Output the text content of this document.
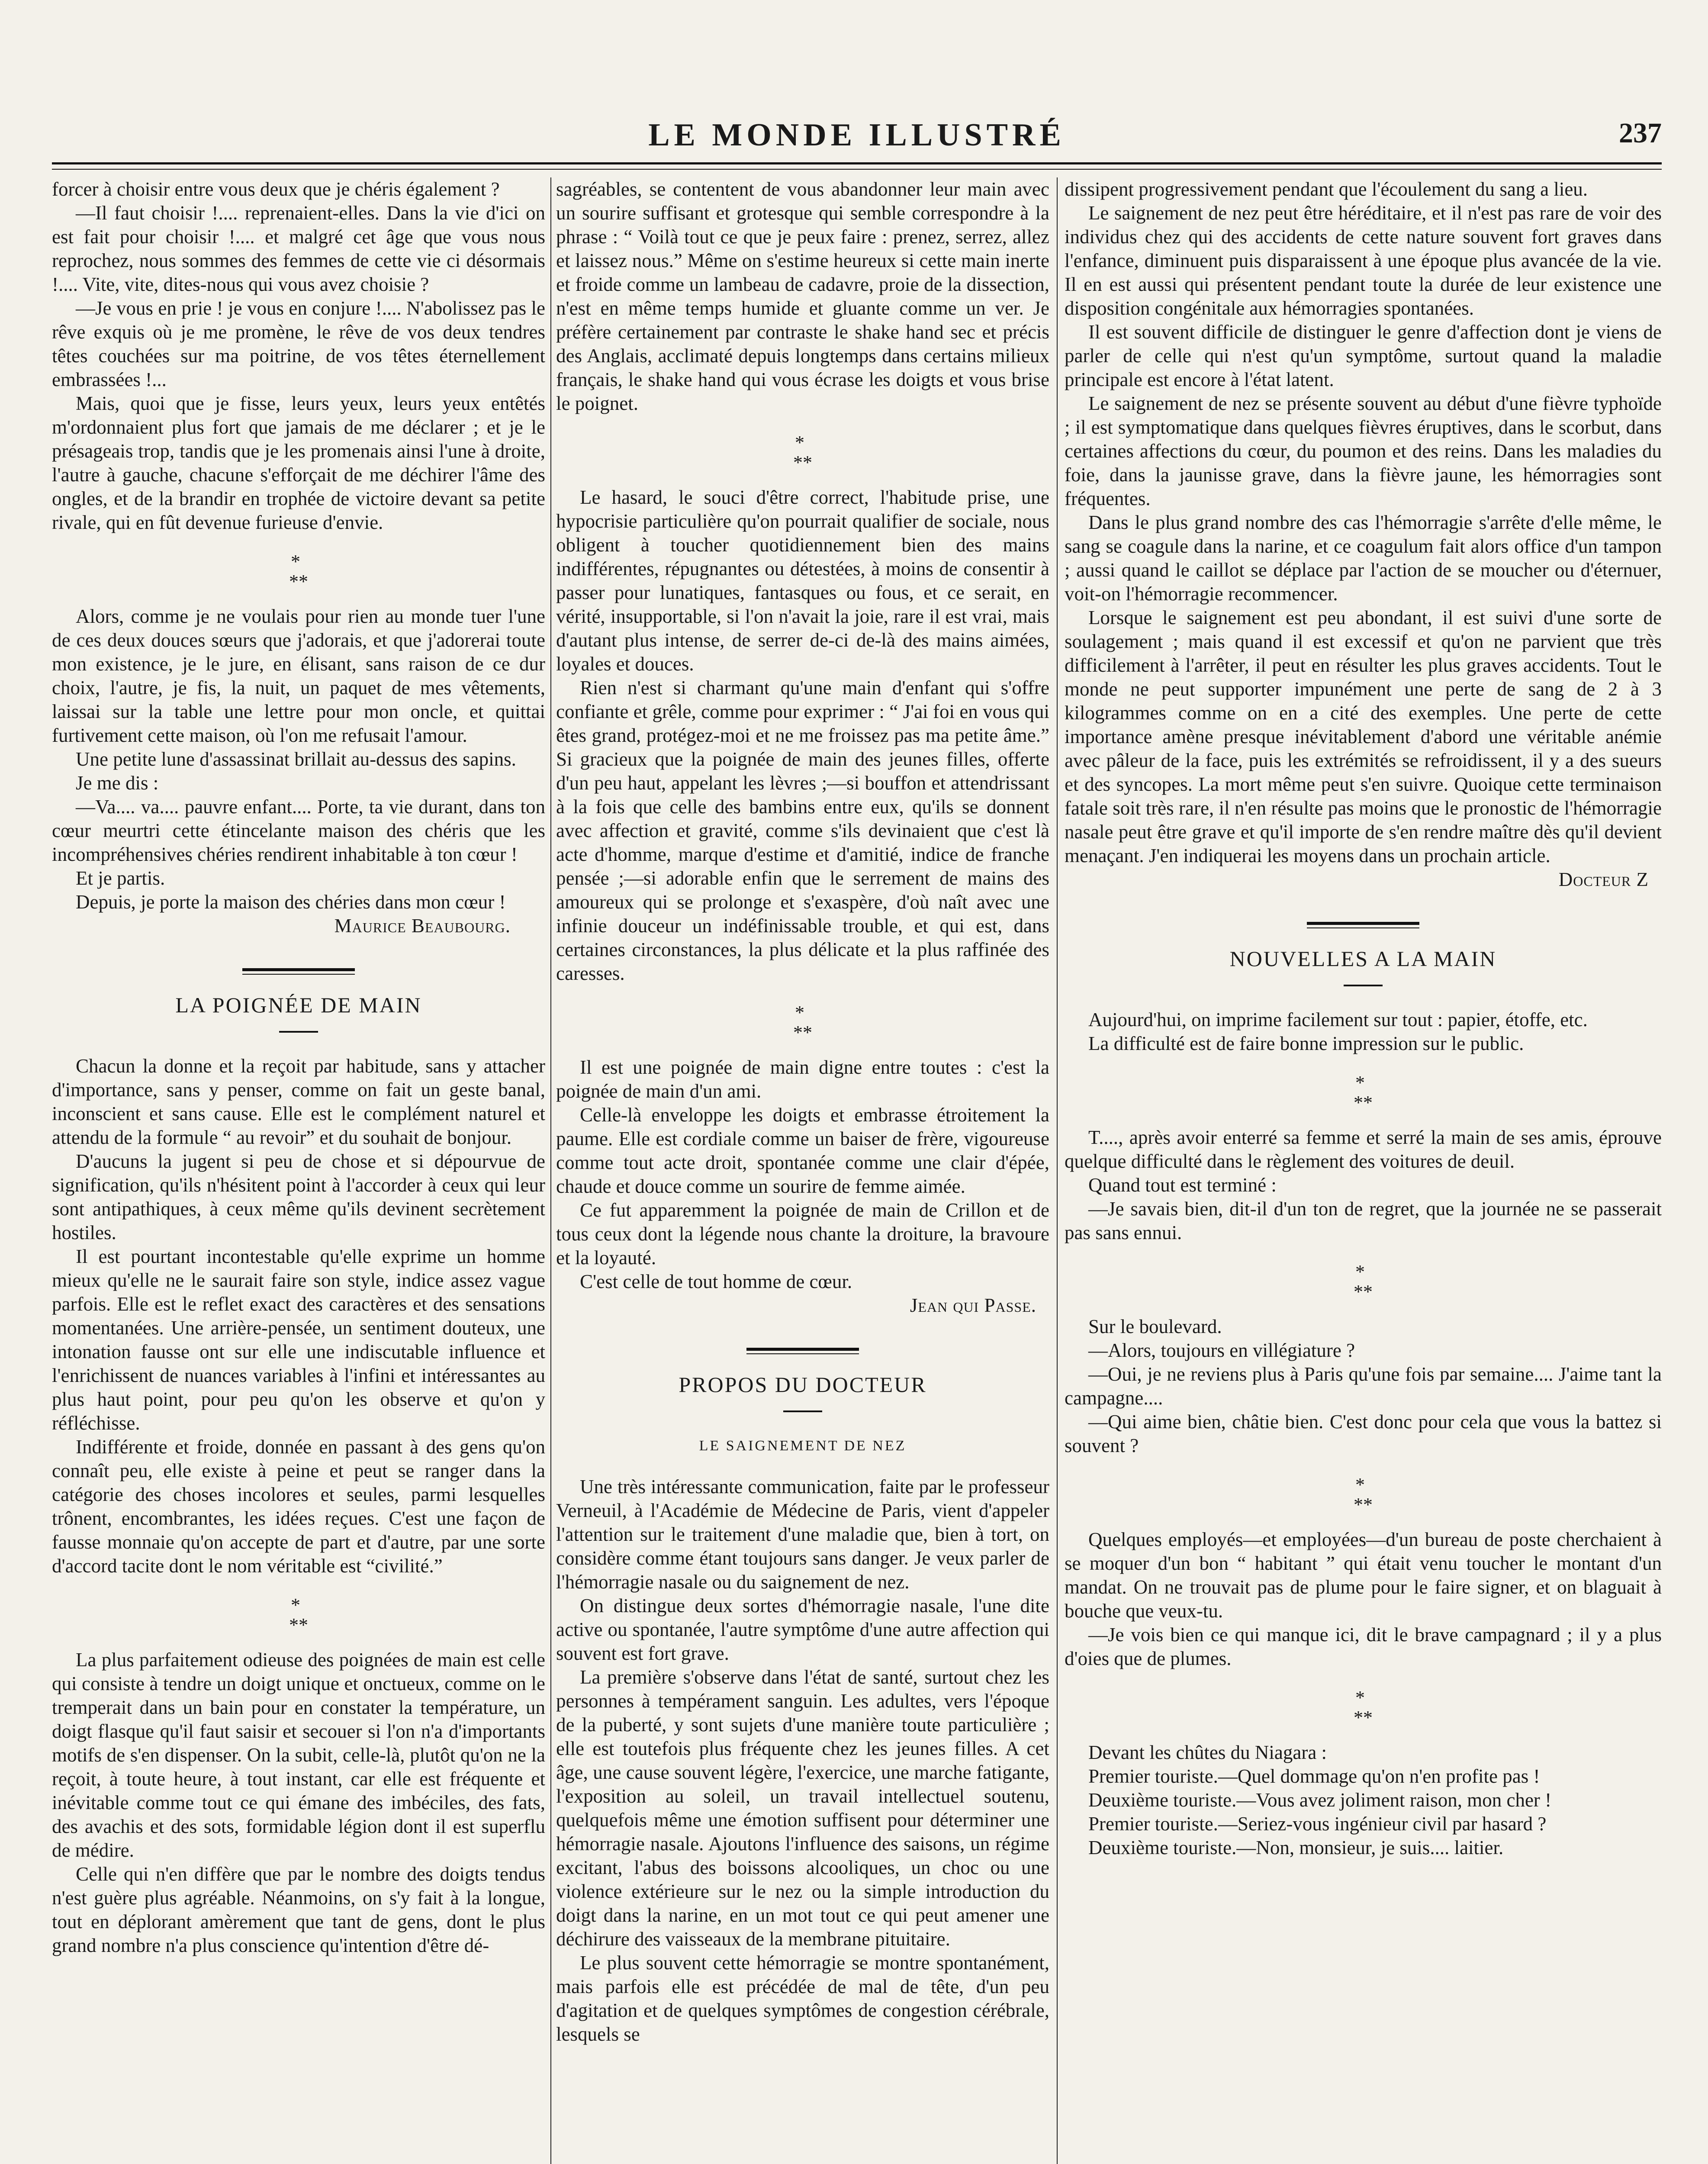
LE MONDE ILLUSTRÉ	237

forcer à choisir entre vous deux que je chéris également ?

—Il faut choisir !.... reprenaient-elles. Dans la vie d'ici on est fait pour choisir !.... et malgré cet âge que vous nous reprochez, nous sommes des femmes de cette vie ci désormais !.... Vite, vite, dites-nous qui vous avez choisie ?

—Je vous en prie ! je vous en conjure !.... N'abolissez pas le rêve exquis où je me promène, le rêve de vos deux tendres têtes couchées sur ma poitrine, de vos têtes éternellement embrassées !...

Mais, quoi que je fisse, leurs yeux, leurs yeux entêtés m'ordonnaient plus fort que jamais de me déclarer ; et je le présageais trop, tandis que je les promenais ainsi l'une à droite, l'autre à gauche, chacune s'efforçait de me déchirer l'âme des ongles, et de la brandir en trophée de victoire devant sa petite rivale, qui en fût devenue furieuse d'envie.

*
**

Alors, comme je ne voulais pour rien au monde tuer l'une de ces deux douces sœurs que j'adorais, et que j'adorerai toute mon existence, je le jure, en élisant, sans raison de ce dur choix, l'autre, je fis, la nuit, un paquet de mes vêtements, laissai sur la table une lettre pour mon oncle, et quittai furtivement cette maison, où l'on me refusait l'amour.

Une petite lune d'assassinat brillait au-dessus des sapins.

Je me dis :

—Va.... va.... pauvre enfant.... Porte, ta vie durant, dans ton cœur meurtri cette étincelante maison des chéris que les incompréhensives chéries rendirent inhabitable à ton cœur !

Et je partis.

Depuis, je porte la maison des chéries dans mon cœur !

Maurice Beaubourg.

LA POIGNÉE DE MAIN

Chacun la donne et la reçoit par habitude, sans y attacher d'importance, sans y penser, comme on fait un geste banal, inconscient et sans cause. Elle est le complément naturel et attendu de la formule “ au revoir” et du souhait de bonjour.

D'aucuns la jugent si peu de chose et si dépourvue de signification, qu'ils n'hésitent point à l'accorder à ceux qui leur sont antipathiques, à ceux même qu'ils devinent secrètement hostiles.

Il est pourtant incontestable qu'elle exprime un homme mieux qu'elle ne le saurait faire son style, indice assez vague parfois. Elle est le reflet exact des caractères et des sensations momentanées. Une arrière-pensée, un sentiment douteux, une intonation fausse ont sur elle une indiscutable influence et l'enrichissent de nuances variables à l'infini et intéressantes au plus haut point, pour peu qu'on les observe et qu'on y réfléchisse.

Indifférente et froide, donnée en passant à des gens qu'on connaît peu, elle existe à peine et peut se ranger dans la catégorie des choses incolores et seules, parmi lesquelles trônent, encombrantes, les idées reçues. C'est une façon de fausse monnaie qu'on accepte de part et d'autre, par une sorte d'accord tacite dont le nom véritable est “civilité.”

*
**

La plus parfaitement odieuse des poignées de main est celle qui consiste à tendre un doigt unique et onctueux, comme on le tremperait dans un bain pour en constater la température, un doigt flasque qu'il faut saisir et secouer si l'on n'a d'importants motifs de s'en dispenser. On la subit, celle-là, plutôt qu'on ne la reçoit, à toute heure, à tout instant, car elle est fréquente et inévitable comme tout ce qui émane des imbéciles, des fats, des avachis et des sots, formidable légion dont il est superflu de médire.

Celle qui n'en diffère que par le nombre des doigts tendus n'est guère plus agréable. Néanmoins, on s'y fait à la longue, tout en déplorant amèrement que tant de gens, dont le plus grand nombre n'a plus conscience qu'intention d'être dé-

sagréables, se contentent de vous abandonner leur main avec un sourire suffisant et grotesque qui semble correspondre à la phrase : “ Voilà tout ce que je peux faire : prenez, serrez, allez et laissez nous.” Même on s'estime heureux si cette main inerte et froide comme un lambeau de cadavre, proie de la dissection, n'est en même temps humide et gluante comme un ver. Je préfère certainement par contraste le shake hand sec et précis des Anglais, acclimaté depuis longtemps dans certains milieux français, le shake hand qui vous écrase les doigts et vous brise le poignet.

*
**

Le hasard, le souci d'être correct, l'habitude prise, une hypocrisie particulière qu'on pourrait qualifier de sociale, nous obligent à toucher quotidiennement bien des mains indifférentes, répugnantes ou détestées, à moins de consentir à passer pour lunatiques, fantasques ou fous, et ce serait, en vérité, insupportable, si l'on n'avait la joie, rare il est vrai, mais d'autant plus intense, de serrer de-ci de-là des mains aimées, loyales et douces.

Rien n'est si charmant qu'une main d'enfant qui s'offre confiante et grêle, comme pour exprimer : “ J'ai foi en vous qui êtes grand, protégez-moi et ne me froissez pas ma petite âme.” Si gracieux que la poignée de main des jeunes filles, offerte d'un peu haut, appelant les lèvres ;—si bouffon et attendrissant à la fois que celle des bambins entre eux, qu'ils se donnent avec affection et gravité, comme s'ils devinaient que c'est là acte d'homme, marque d'estime et d'amitié, indice de franche pensée ;—si adorable enfin que le serrement de mains des amoureux qui se prolonge et s'exaspère, d'où naît avec une infinie douceur un indéfinissable trouble, et qui est, dans certaines circonstances, la plus délicate et la plus raffinée des caresses.

*
**

Il est une poignée de main digne entre toutes : c'est la poignée de main d'un ami.

Celle-là enveloppe les doigts et embrasse étroitement la paume. Elle est cordiale comme un baiser de frère, vigoureuse comme tout acte droit, spontanée comme une clair d'épée, chaude et douce comme un sourire de femme aimée.

Ce fut apparemment la poignée de main de Crillon et de tous ceux dont la légende nous chante la droiture, la bravoure et la loyauté.

C'est celle de tout homme de cœur.

Jean qui Passe.

PROPOS DU DOCTEUR
LE SAIGNEMENT DE NEZ

Une très intéressante communication, faite par le professeur Verneuil, à l'Académie de Médecine de Paris, vient d'appeler l'attention sur le traitement d'une maladie que, bien à tort, on considère comme étant toujours sans danger. Je veux parler de l'hémorragie nasale ou du saignement de nez.

On distingue deux sortes d'hémorragie nasale, l'une dite active ou spontanée, l'autre symptôme d'une autre affection qui souvent est fort grave.

La première s'observe dans l'état de santé, surtout chez les personnes à tempérament sanguin. Les adultes, vers l'époque de la puberté, y sont sujets d'une manière toute particulière ; elle est toutefois plus fréquente chez les jeunes filles. A cet âge, une cause souvent légère, l'exercice, une marche fatigante, l'exposition au soleil, un travail intellectuel soutenu, quelquefois même une émotion suffisent pour déterminer une hémorragie nasale. Ajoutons l'influence des saisons, un régime excitant, l'abus des boissons alcooliques, un choc ou une violence extérieure sur le nez ou la simple introduction du doigt dans la narine, en un mot tout ce qui peut amener une déchirure des vaisseaux de la membrane pituitaire.

Le plus souvent cette hémorragie se montre spontanément, mais parfois elle est précédée de mal de tête, d'un peu d'agitation et de quelques symptômes de congestion cérébrale, lesquels se

dissipent progressivement pendant que l'écoulement du sang a lieu.

Le saignement de nez peut être héréditaire, et il n'est pas rare de voir des individus chez qui des accidents de cette nature souvent fort graves dans l'enfance, diminuent puis disparaissent à une époque plus avancée de la vie. Il en est aussi qui présentent pendant toute la durée de leur existence une disposition congénitale aux hémorragies spontanées.

Il est souvent difficile de distinguer le genre d'affection dont je viens de parler de celle qui n'est qu'un symptôme, surtout quand la maladie principale est encore à l'état latent.

Le saignement de nez se présente souvent au début d'une fièvre typhoïde ; il est symptomatique dans quelques fièvres éruptives, dans le scorbut, dans certaines affections du cœur, du poumon et des reins. Dans les maladies du foie, dans la jaunisse grave, dans la fièvre jaune, les hémorragies sont fréquentes.

Dans le plus grand nombre des cas l'hémorragie s'arrête d'elle même, le sang se coagule dans la narine, et ce coagulum fait alors office d'un tampon ; aussi quand le caillot se déplace par l'action de se moucher ou d'éternuer, voit-on l'hémorragie recommencer.

Lorsque le saignement est peu abondant, il est suivi d'une sorte de soulagement ; mais quand il est excessif et qu'on ne parvient que très difficilement à l'arrêter, il peut en résulter les plus graves accidents. Tout le monde ne peut supporter impunément une perte de sang de 2 à 3 kilogrammes comme on en a cité des exemples. Une perte de cette importance amène presque inévitablement d'abord une véritable anémie avec pâleur de la face, puis les extrémités se refroidissent, il y a des sueurs et des syncopes. La mort même peut s'en suivre. Quoique cette terminaison fatale soit très rare, il n'en résulte pas moins que le pronostic de l'hémorragie nasale peut être grave et qu'il importe de s'en rendre maître dès qu'il devient menaçant. J'en indiquerai les moyens dans un prochain article.

Docteur Z

NOUVELLES A LA MAIN

Aujourd'hui, on imprime facilement sur tout : papier, étoffe, etc.

La difficulté est de faire bonne impression sur le public.

*
**

T...., après avoir enterré sa femme et serré la main de ses amis, éprouve quelque difficulté dans le règlement des voitures de deuil.

Quand tout est terminé :

—Je savais bien, dit-il d'un ton de regret, que la journée ne se passerait pas sans ennui.

*
**

Sur le boulevard.

—Alors, toujours en villégiature ?

—Oui, je ne reviens plus à Paris qu'une fois par semaine.... J'aime tant la campagne....

—Qui aime bien, châtie bien. C'est donc pour cela que vous la battez si souvent ?

*
**

Quelques employés—et employées—d'un bureau de poste cherchaient à se moquer d'un bon “ habitant ” qui était venu toucher le montant d'un mandat. On ne trouvait pas de plume pour le faire signer, et on blaguait à bouche que veux-tu.

—Je vois bien ce qui manque ici, dit le brave campagnard ; il y a plus d'oies que de plumes.

*
**

Devant les chûtes du Niagara :

Premier touriste.—Quel dommage qu'on n'en profite pas !

Deuxième touriste.—Vous avez joliment raison, mon cher !

Premier touriste.—Seriez-vous ingénieur civil par hasard ?

Deuxième touriste.—Non, monsieur, je suis.... laitier.
